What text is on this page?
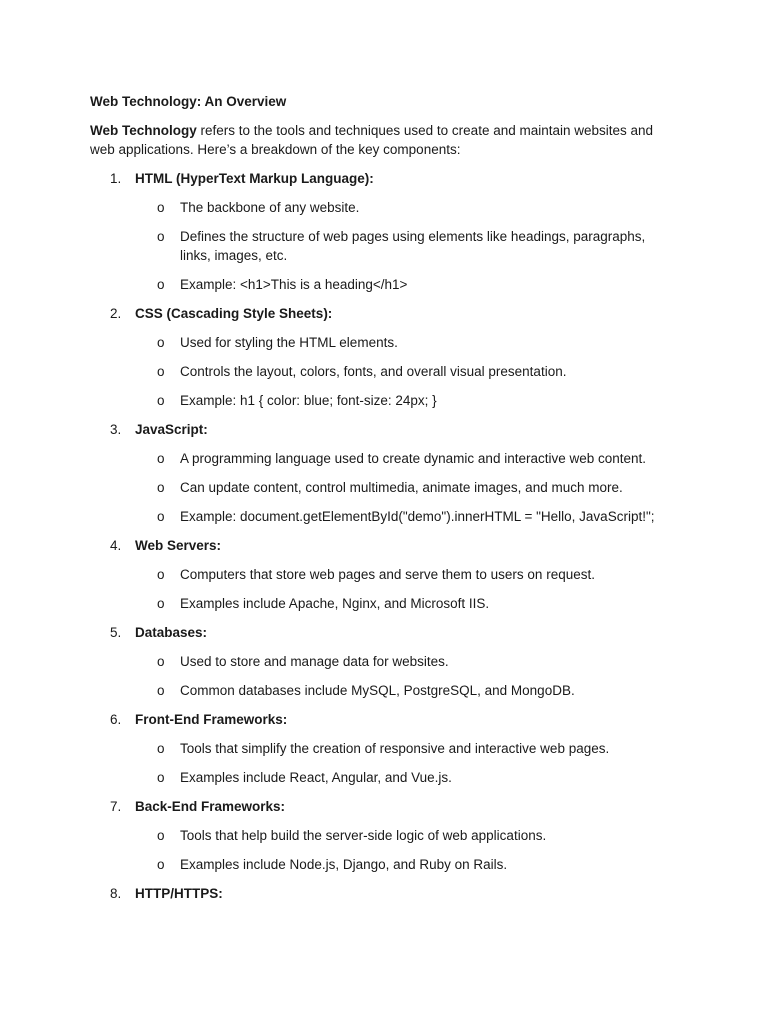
Web Technology: An Overview
Web Technology refers to the tools and techniques used to create and maintain websites and web applications. Here’s a breakdown of the key components:
1.	HTML (HyperText Markup Language):
o The backbone of any website.
o Defines the structure of web pages using elements like headings, paragraphs, links, images, etc.
o Example: <h1>This is a heading</h1>
2.	CSS (Cascading Style Sheets):
o Used for styling the HTML elements.
o Controls the layout, colors, fonts, and overall visual presentation.
o Example: h1 { color: blue; font-size: 24px; }
3.	JavaScript:
o A programming language used to create dynamic and interactive web content.
o Can update content, control multimedia, animate images, and much more.
o Example: document.getElementById("demo").innerHTML = "Hello, JavaScript!";
4.	Web Servers:
o Computers that store web pages and serve them to users on request.
o Examples include Apache, Nginx, and Microsoft IIS.
5.	Databases:
o Used to store and manage data for websites.
o Common databases include MySQL, PostgreSQL, and MongoDB.
6.	Front-End Frameworks:
o Tools that simplify the creation of responsive and interactive web pages.
o Examples include React, Angular, and Vue.js.
7.	Back-End Frameworks:
o Tools that help build the server-side logic of web applications.
o Examples include Node.js, Django, and Ruby on Rails.
8.	HTTP/HTTPS:
